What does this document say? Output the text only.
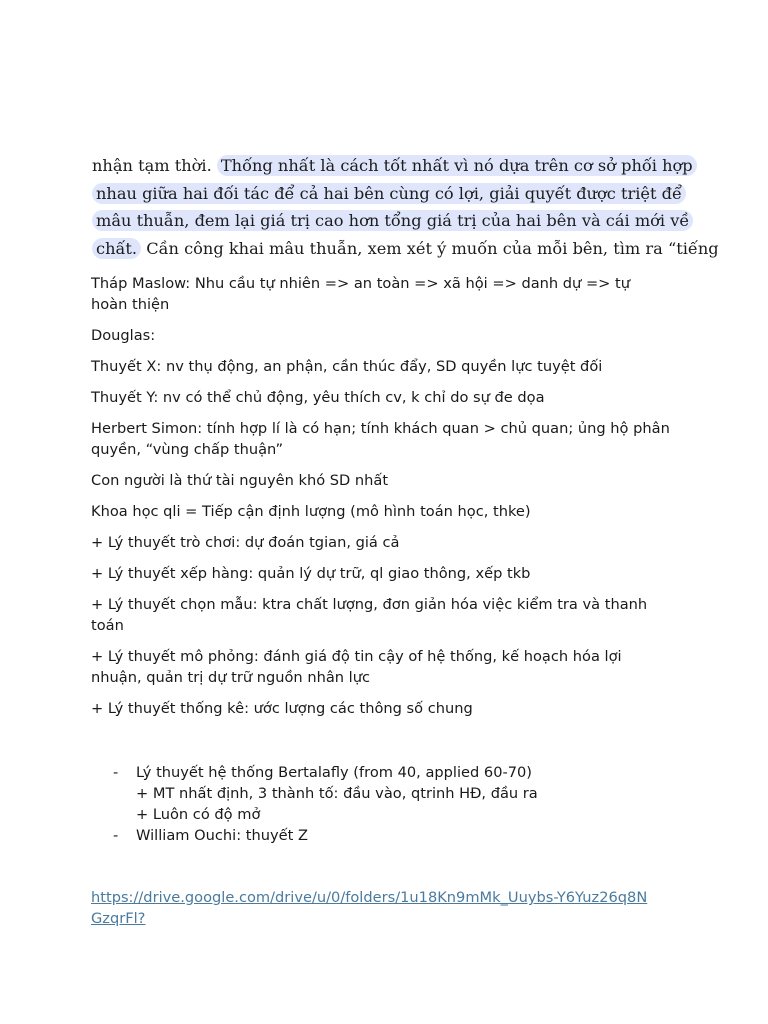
nhận tạm thời. Thống nhất là cách tốt nhất vì nó dựa trên cơ sở phối hợp
nhau giữa hai đối tác để cả hai bên cùng có lợi, giải quyết được triệt để
mâu thuẫn, đem lại giá trị cao hơn tổng giá trị của hai bên và cái mới về
chất. Cần công khai mâu thuẫn, xem xét ý muốn của mỗi bên, tìm ra “tiếng

Tháp Maslow: Nhu cầu tự nhiên => an toàn => xã hội => danh dự => tự hoàn thiện

Douglas:

Thuyết X: nv thụ động, an phận, cần thúc đẩy, SD quyền lực tuyệt đối

Thuyết Y: nv có thể chủ động, yêu thích cv, k chỉ do sự đe dọa

Herbert Simon: tính hợp lí là có hạn; tính khách quan > chủ quan; ủng hộ phân quyền, “vùng chấp thuận”

Con người là thứ tài nguyên khó SD nhất

Khoa học qli = Tiếp cận định lượng (mô hình toán học, thke)

+ Lý thuyết trò chơi: dự đoán tgian, giá cả

+ Lý thuyết xếp hàng: quản lý dự trữ, ql giao thông, xếp tkb

+ Lý thuyết chọn mẫu: ktra chất lượng, đơn giản hóa việc kiểm tra và thanh toán

+ Lý thuyết mô phỏng: đánh giá độ tin cậy of hệ thống, kế hoạch hóa lợi nhuận, quản trị dự trữ nguồn nhân lực

+ Lý thuyết thống kê: ước lượng các thông số chung

-	Lý thuyết hệ thống Bertalafly (from 40, applied 60-70)
+ MT nhất định, 3 thành tố: đầu vào, qtrinh HĐ, đầu ra
+ Luôn có độ mở
-	William Ouchi: thuyết Z
https://drive.google.com/drive/u/0/folders/1u18Kn9mMk_Uuybs-Y6Yuz26q8NGzqrFl?
